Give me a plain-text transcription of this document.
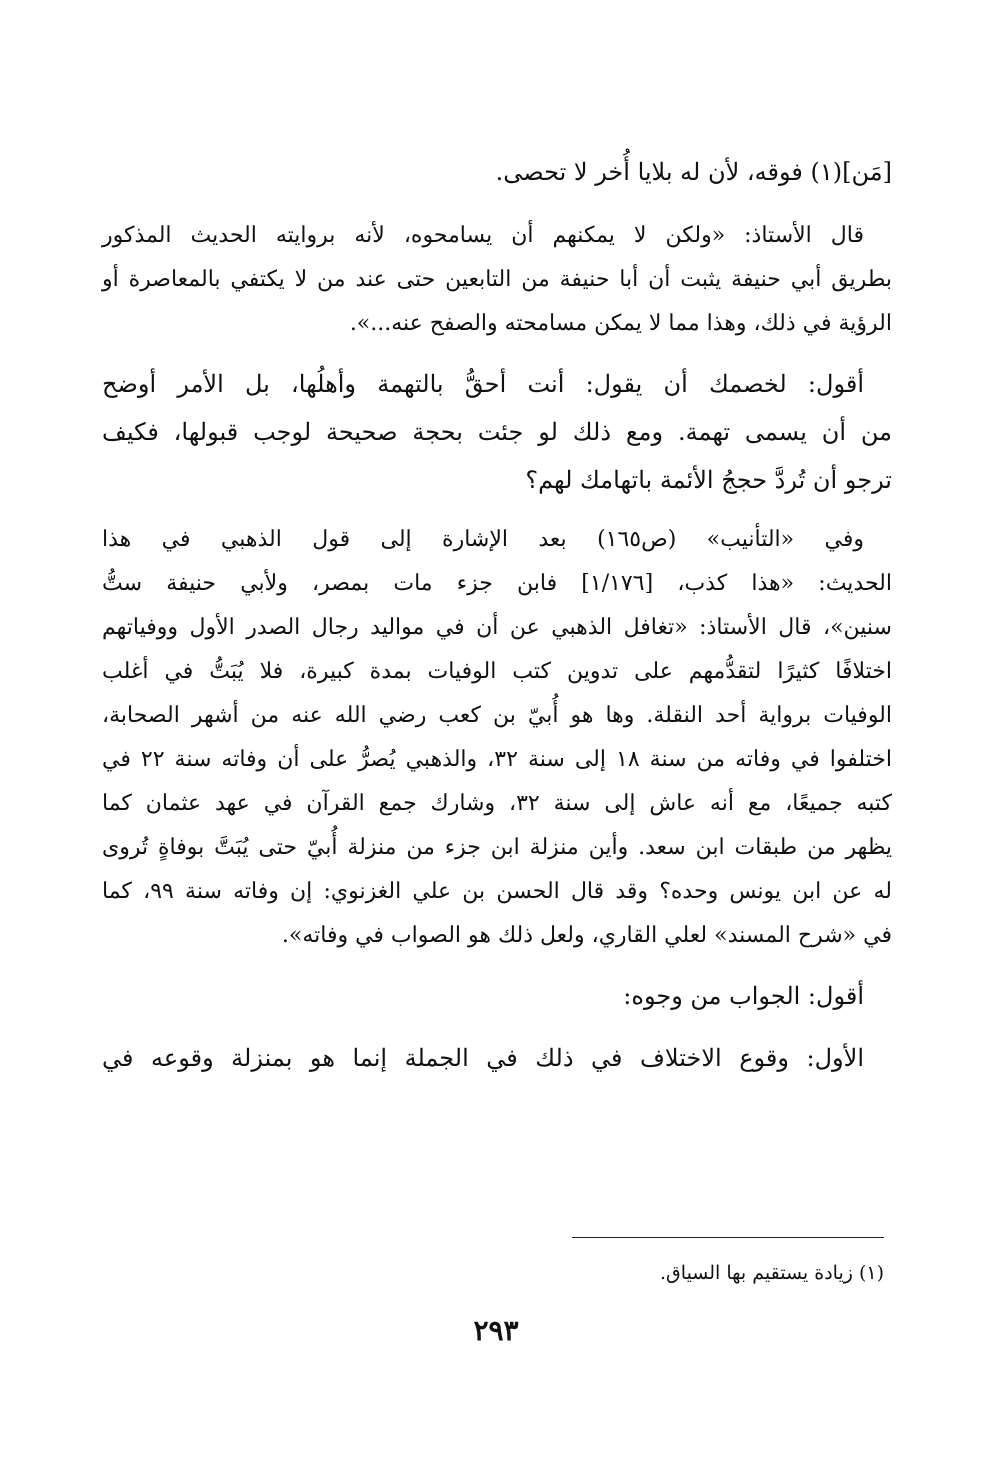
[مَن](١) فوقه، لأن له بلايا أُخر لا تحصى.

قال الأستاذ: «ولكن لا يمكنهم أن يسامحوه، لأنه بروايته الحديث المذكور
بطريق أبي حنيفة يثبت أن أبا حنيفة من التابعين حتى عند من لا يكتفي بالمعاصرة أو
الرؤية في ذلك، وهذا مما لا يمكن مسامحته والصفح عنه...».

أقول: لخصمك أن يقول: أنت أحقُّ بالتهمة وأهلُها، بل الأمر أوضح
من أن يسمى تهمة. ومع ذلك لو جئت بحجة صحيحة لوجب قبولها، فكيف
ترجو أن تُردَّ حججُ الأئمة باتهامك لهم؟

وفي «التأنيب» (ص١٦٥) بعد الإشارة إلى قول الذهبي في هذا
الحديث: «هذا كذب، [١/١٧٦] فابن جزء مات بمصر، ولأبي حنيفة ستُّ
سنين»، قال الأستاذ: «تغافل الذهبي عن أن في مواليد رجال الصدر الأول ووفياتهم
اختلافًا كثيرًا لتقدُّمهم على تدوين كتب الوفيات بمدة كبيرة، فلا يُبَتُّ في أغلب
الوفيات برواية أحد النقلة. وها هو أُبيّ بن كعب رضي الله عنه من أشهر الصحابة،
اختلفوا في وفاته من سنة ١٨ إلى سنة ٣٢، والذهبي يُصرُّ على أن وفاته سنة ٢٢ في
كتبه جميعًا، مع أنه عاش إلى سنة ٣٢، وشارك جمع القرآن في عهد عثمان كما
يظهر من طبقات ابن سعد. وأين منزلة ابن جزء من منزلة أُبيّ حتى يُبَتَّ بوفاةٍ تُروى
له عن ابن يونس وحده؟ وقد قال الحسن بن علي الغزنوي: إن وفاته سنة ٩٩، كما
في «شرح المسند» لعلي القاري، ولعل ذلك هو الصواب في وفاته».

أقول: الجواب من وجوه:

الأول: وقوع الاختلاف في ذلك في الجملة إنما هو بمنزلة وقوعه في

(١) زيادة يستقيم بها السياق.
٢٩٣
